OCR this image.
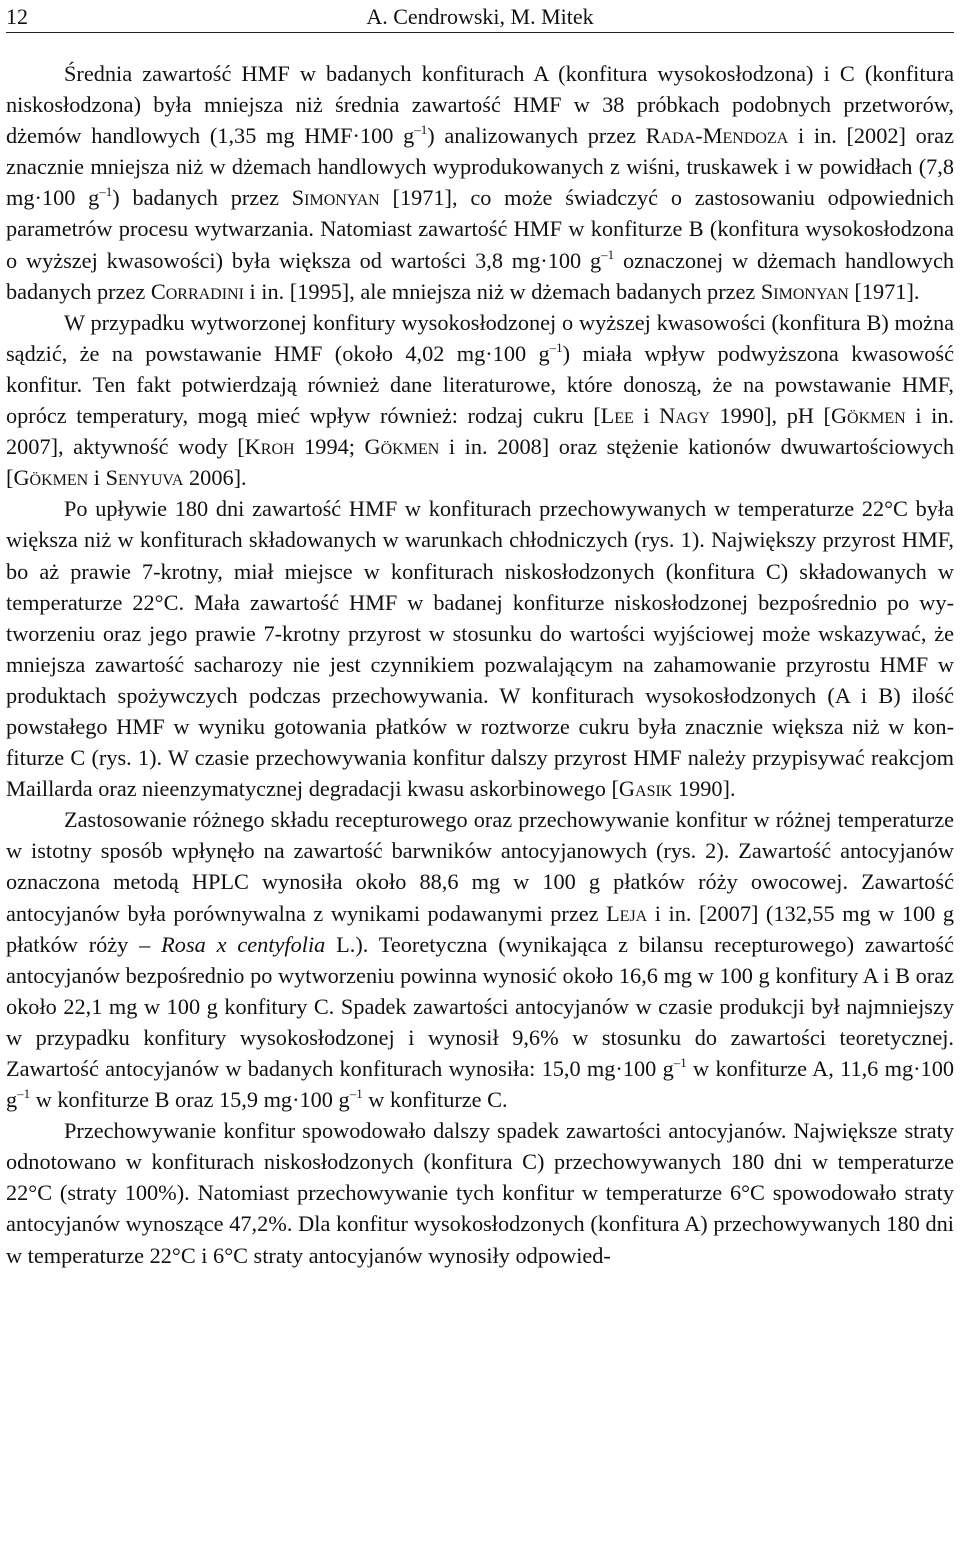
12	A. Cendrowski, M. Mitek

Średnia zawartość HMF w badanych konfiturach A (konfitura wysokosłodzona) i C (konfitura niskosłodzona) była mniejsza niż średnia zawartość HMF w 38 próbkach podobnych przetworów, dżemów handlowych (1,35 mg HMF·100 $g^{-1}$) analizowanych przez Rada-Mendoza i in. [2002] oraz znacznie mniejsza niż w dżemach handlowych wyprodukowanych z wiśni, truskawek i w powidłach (7,8 mg·100 $g^{-1}$) badanych przez Simonyan [1971], co może świadczyć o zastosowaniu odpowiednich parametrów procesu wytwarzania. Natomiast zawartość HMF w konfiturze B (konfitura wysokosłodzona o wyższej kwasowości) była większa od wartości 3,8 mg·100 $g^{-1}$ oznaczonej w dżemach handlowych badanych przez Corradini i in. [1995], ale mniejsza niż w dżemach badanych przez Simonyan [1971].

W przypadku wytworzonej konfitury wysokosłodzonej o wyższej kwasowości (konfitura B) można sądzić, że na powstawanie HMF (około 4,02 mg·100 $g^{-1}$) miała wpływ podwyższona kwasowość konfitur. Ten fakt potwierdzają również dane literaturowe, które donoszą, że na powstawanie HMF, oprócz temperatury, mogą mieć wpływ również: rodzaj cukru [Lee i Nagy 1990], pH [Gökmen i in. 2007], aktywność wody [Kroh 1994; Gökmen i in. 2008] oraz stężenie kationów dwuwartościowych [Gökmen i Senyuva 2006].

Po upływie 180 dni zawartość HMF w konfiturach przechowywanych w temperaturze 22°C była większa niż w konfiturach składowanych w warunkach chłodniczych (rys. 1). Największy przyrost HMF, bo aż prawie 7-krotny, miał miejsce w konfiturach niskosłodzonych (konfitura C) składowanych w temperaturze 22°C. Mała zawartość HMF w badanej konfiturze niskosłodzonej bezpośrednio po wytworzeniu oraz jego prawie 7-krotny przyrost w stosunku do wartości wyjściowej może wskazywać, że mniejsza zawartość sacharozy nie jest czynnikiem pozwalającym na zahamowanie przyrostu HMF w produktach spożywczych podczas przechowywania. W konfiturach wysokosłodzonych (A i B) ilość powstałego HMF w wyniku gotowania płatków w roztworze cukru była znacznie większa niż w konfiturze C (rys. 1). W czasie przechowywania konfitur dalszy przyrost HMF należy przypisywać reakcjom Maillarda oraz nieenzymatycznej degradacji kwasu askorbinowego [Gasik 1990].

Zastosowanie różnego składu recepturowego oraz przechowywanie konfitur w różnej temperaturze w istotny sposób wpłynęło na zawartość barwników antocyjanowych (rys. 2). Zawartość antocyjanów oznaczona metodą HPLC wynosiła około 88,6 mg w 100 g płatków róży owocowej. Zawartość antocyjanów była porównywalna z wynikami podawanymi przez Leja i in. [2007] (132,55 mg w 100 g płatków róży – Rosa x centyfolia L.). Teoretyczna (wynikająca z bilansu recepturowego) zawartość antocyjanów bezpośrednio po wytworzeniu powinna wynosić około 16,6 mg w 100 g konfitury A i B oraz około 22,1 mg w 100 g konfitury C. Spadek zawartości antocyjanów w czasie produkcji był najmniejszy w przypadku konfitury wysokosłodzonej i wynosił 9,6% w stosunku do zawartości teoretycznej. Zawartość antocyjanów w badanych konfiturach wynosiła: 15,0 mg·100 $g^{-1}$ w konfiturze A, 11,6 mg·100 $g^{-1}$ w konfiturze B oraz 15,9 mg·100 $g^{-1}$ w konfiturze C.

Przechowywanie konfitur spowodowało dalszy spadek zawartości antocyjanów. Największe straty odnotowano w konfiturach niskosłodzonych (konfitura C) przechowywanych 180 dni w temperaturze 22°C (straty 100%). Natomiast przechowywanie tych konfitur w temperaturze 6°C spowodowało straty antocyjanów wynoszące 47,2%. Dla konfitur wysokosłodzonych (konfitura A) przechowywanych 180 dni w temperaturze 22°C i 6°C straty antocyjanów wynosiły odpowied-
